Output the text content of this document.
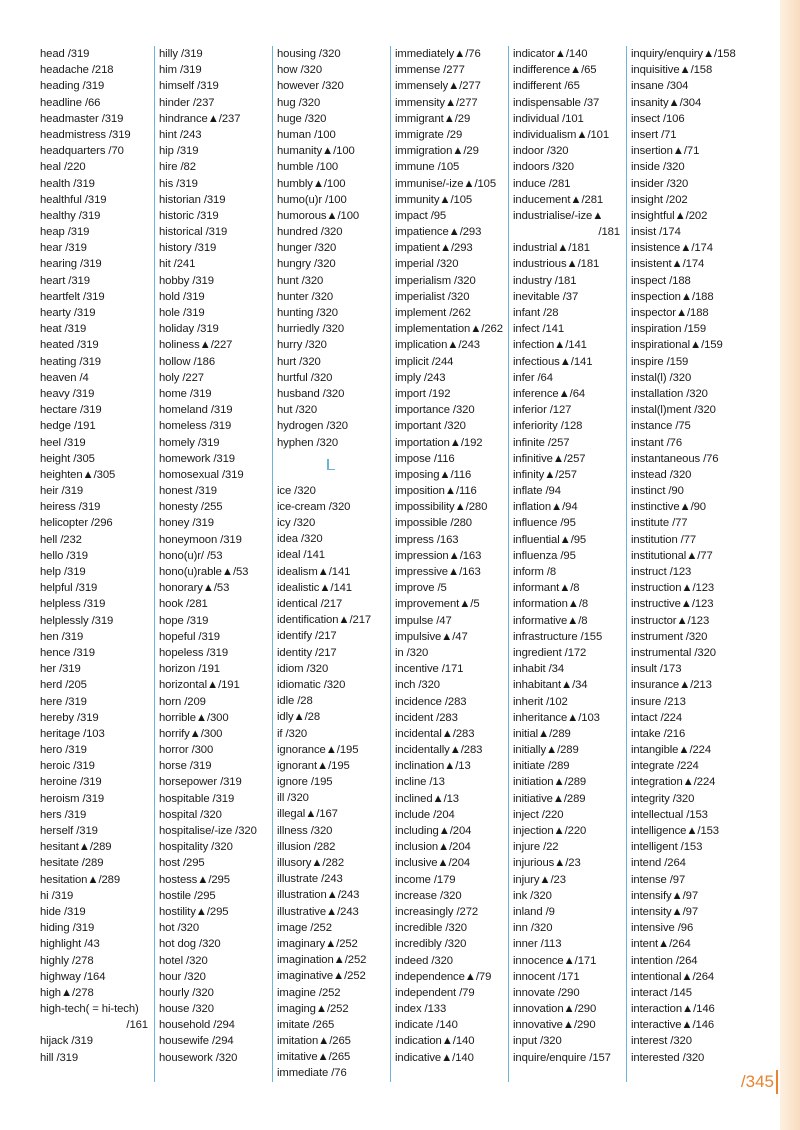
head /319
headache /218
heading /319
headline /66
headmaster /319
headmistress /319
headquarters /70
heal /220
health /319
healthful /319
healthy /319
heap /319
hear /319
hearing /319
heart /319
heartfelt /319
hearty /319
heat /319
heated /319
heating /319
heaven /4
heavy /319
hectare /319
hedge /191
heel /319
height /305
heighten▲/305
heir /319
heiress /319
helicopter /296
hell /232
hello /319
help /319
helpful /319
helpless /319
helplessly /319
hen /319
hence /319
her /319
herd /205
here /319
hereby /319
heritage /103
hero /319
heroic /319
heroine /319
heroism /319
hers /319
herself /319
hesitant▲/289
hesitate /289
hesitation▲/289
hi /319
hide /319
hiding /319
highlight /43
highly /278
highway /164
high▲/278
high-tech( = hi-tech)
/161
hijack /319
hill /319
hilly /319
him /319
himself /319
hinder /237
hindrance▲/237
hint /243
hip /319
hire /82
his /319
historian /319
historic /319
historical /319
history /319
hit /241
hobby /319
hold /319
hole /319
holiday /319
holiness▲/227
hollow /186
holy /227
home /319
homeland /319
homeless /319
homely /319
homework /319
homosexual /319
honest /319
honesty /255
honey /319
honeymoon /319
hono(u)r/ /53
hono(u)rable▲/53
honorary▲/53
hook /281
hope /319
hopeful /319
hopeless /319
horizon /191
horizontal▲/191
horn /209
horrible▲/300
horrify▲/300
horror /300
horse /319
horsepower /319
hospitable /319
hospital /320
hospitalise/-ize /320
hospitality /320
host /295
hostess▲/295
hostile /295
hostility▲/295
hot /320
hot dog /320
hotel /320
hour /320
hourly /320
house /320
household /294
housewife /294
housework /320
housing /320
how /320
however /320
hug /320
huge /320
human /100
humanity▲/100
humble /100
humbly▲/100
humo(u)r /100
humorous▲/100
hundred /320
hunger /320
hungry /320
hunt /320
hunter /320
hunting /320
hurriedly /320
hurry /320
hurt /320
hurtful /320
husband /320
hut /320
hydrogen /320
hyphen /320
ice /320
ice-cream /320
icy /320
idea /320
ideal /141
idealism▲/141
idealistic▲/141
identical /217
identification▲/217
identify /217
identity /217
idiom /320
idiomatic /320
idle /28
idly▲/28
if /320
ignorance▲/195
ignorant▲/195
ignore /195
ill /320
illegal▲/167
illness /320
illusion /282
illusory▲/282
illustrate /243
illustration▲/243
illustrative▲/243
image /252
imaginary▲/252
imagination▲/252
imaginative▲/252
imagine /252
imaging▲/252
imitate /265
imitation▲/265
imitative▲/265
immediate /76
immediately▲/76
immense /277
immensely▲/277
immensity▲/277
immigrant▲/29
immigrate /29
immigration▲/29
immune /105
immunise/-ize▲/105
immunity▲/105
impact /95
impatience▲/293
impatient▲/293
imperial /320
imperialism /320
imperialist /320
implement /262
implementation▲/262
implication▲/243
implicit /244
imply /243
import /192
importance /320
important /320
importation▲/192
impose /116
imposing▲/116
imposition▲/116
impossibility▲/280
impossible /280
impress /163
impression▲/163
impressive▲/163
improve /5
improvement▲/5
impulse /47
impulsive▲/47
in /320
incentive /171
inch /320
incidence /283
incident /283
incidental▲/283
incidentally▲/283
inclination▲/13
incline /13
inclined▲/13
include /204
including▲/204
inclusion▲/204
inclusive▲/204
income /179
increase /320
increasingly /272
incredible /320
incredibly /320
indeed /320
independence▲/79
independent /79
index /133
indicate /140
indication▲/140
indicative▲/140
indicator▲/140
indifference▲/65
indifferent /65
indispensable /37
individual /101
individualism▲/101
indoor /320
indoors /320
induce /281
inducement▲/281
industrialise/-ize▲
/181
industrial▲/181
industrious▲/181
industry /181
inevitable /37
infant /28
infect /141
infection▲/141
infectious▲/141
infer /64
inference▲/64
inferior /127
inferiority /128
infinite /257
infinitive▲/257
infinity▲/257
inflate /94
inflation▲/94
influence /95
influential▲/95
influenza /95
inform /8
informant▲/8
information▲/8
informative▲/8
infrastructure /155
ingredient /172
inhabit /34
inhabitant▲/34
inherit /102
inheritance▲/103
initial▲/289
initially▲/289
initiate /289
initiation▲/289
initiative▲/289
inject /220
injection▲/220
injure /22
injurious▲/23
injury▲/23
ink /320
inland /9
inn /320
inner /113
innocence▲/171
innocent /171
innovate /290
innovation▲/290
innovative▲/290
input /320
inquire/enquire /157
inquiry/enquiry▲/158
inquisitive▲/158
insane /304
insanity▲/304
insect /106
insert /71
insertion▲/71
inside /320
insider /320
insight /202
insightful▲/202
insist /174
insistence▲/174
insistent▲/174
inspect /188
inspection▲/188
inspector▲/188
inspiration /159
inspirational▲/159
inspire /159
instal(l) /320
installation /320
instal(l)ment /320
instance /75
instant /76
instantaneous /76
instead /320
instinct /90
instinctive▲/90
institute /77
institution /77
institutional▲/77
instruct /123
instruction▲/123
instructive▲/123
instructor▲/123
instrument /320
instrumental /320
insult /173
insurance▲/213
insure /213
intact /224
intake /216
intangible▲/224
integrate /224
integration▲/224
integrity /320
intellectual /153
intelligence▲/153
intelligent /153
intend /264
intense /97
intensify▲/97
intensity▲/97
intensive /96
intent▲/264
intention /264
intentional▲/264
interact /145
interaction▲/146
interactive▲/146
interest /320
interested /320
/345
